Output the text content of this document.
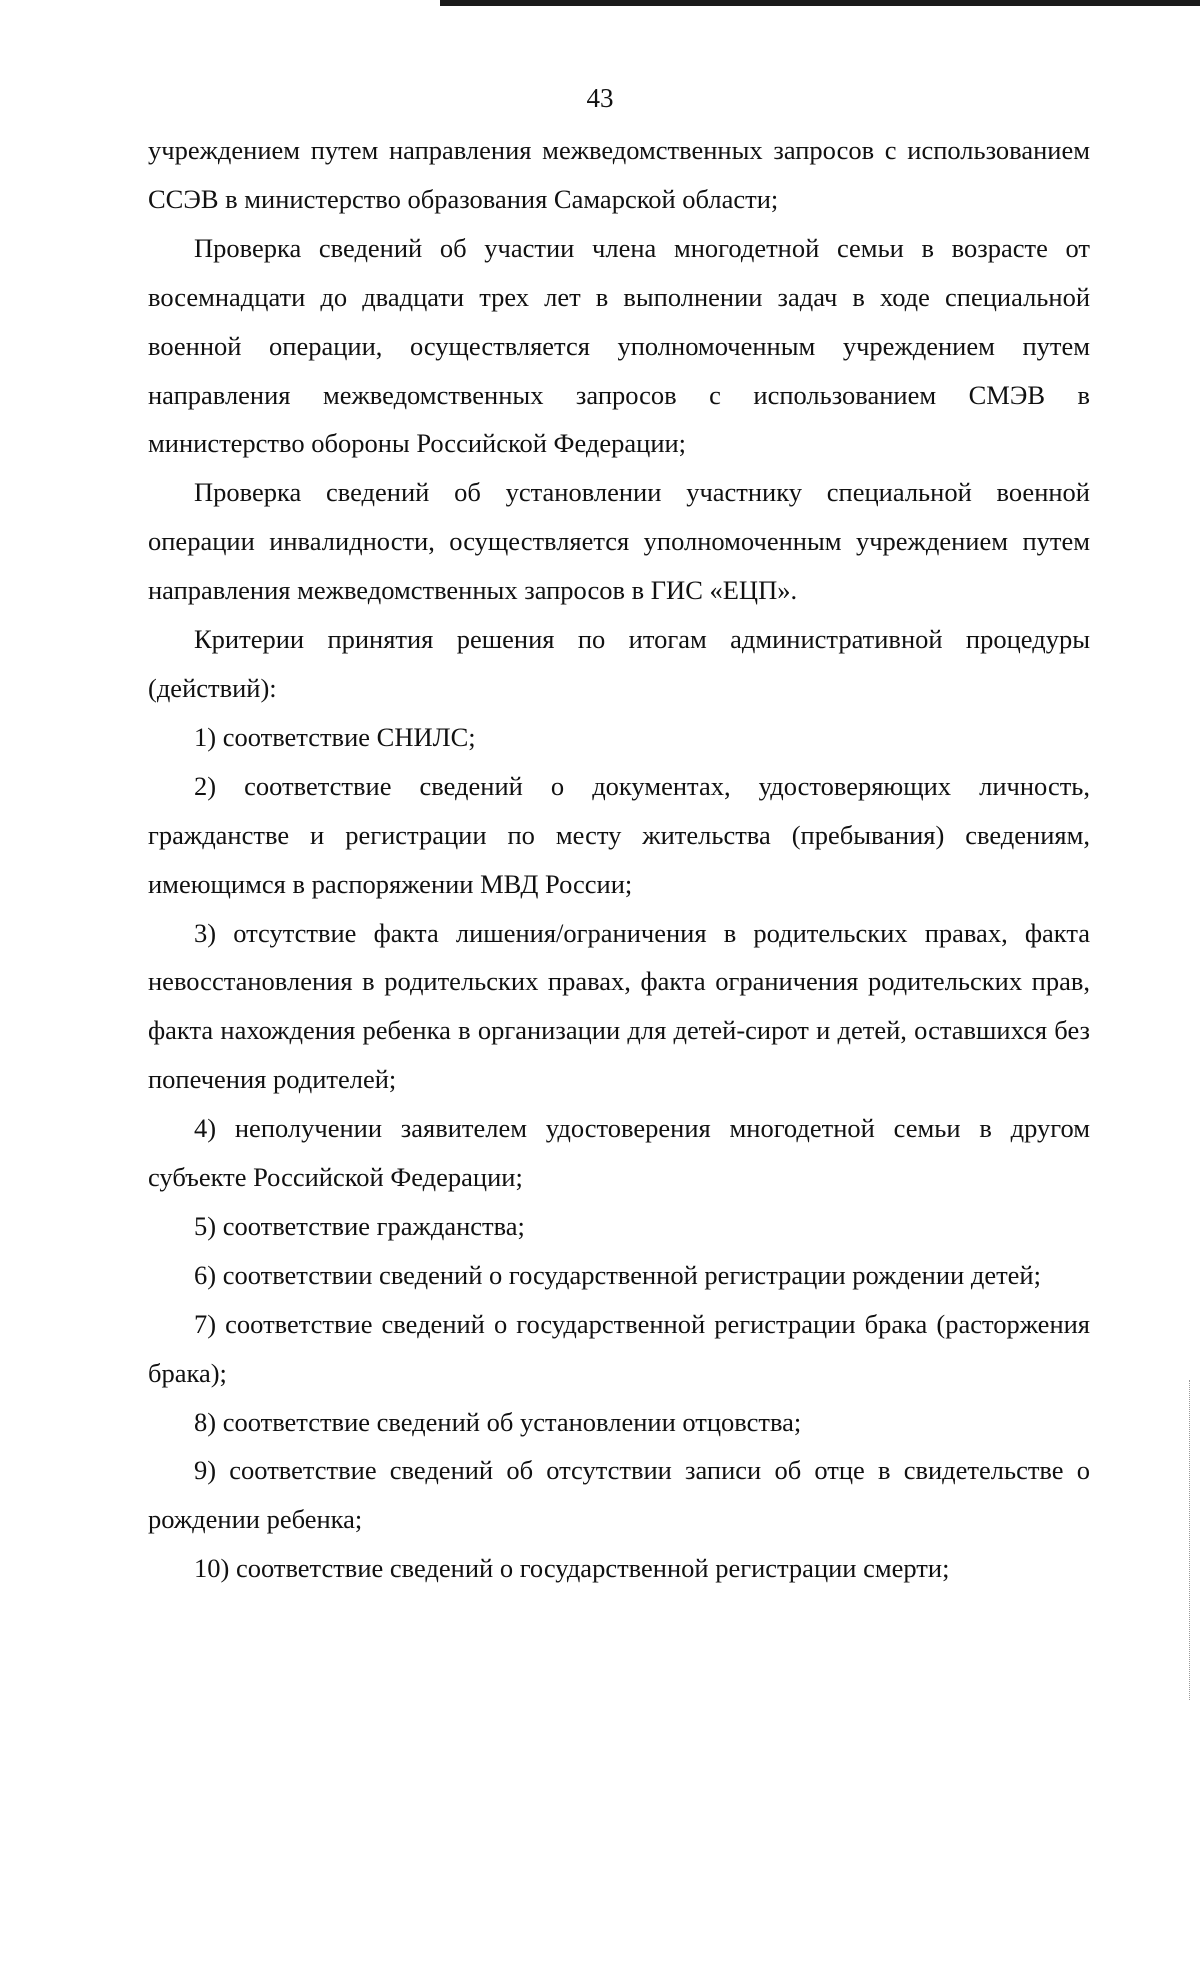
43

учреждением путем направления межведомственных запросов с использованием ССЭВ в министерство образования Самарской области;

Проверка сведений об участии члена многодетной семьи в возрасте от восемнадцати до двадцати трех лет в выполнении задач в ходе специальной военной операции, осуществляется уполномоченным учреждением путем направления межведомственных запросов с использованием СМЭВ в министерство обороны Российской Федерации;

Проверка сведений об установлении участнику специальной военной операции инвалидности, осуществляется уполномоченным учреждением путем направления межведомственных запросов в ГИС «ЕЦП».

Критерии принятия решения по итогам административной процедуры (действий):

1) соответствие СНИЛС;

2) соответствие сведений о документах, удостоверяющих личность, гражданстве и регистрации по месту жительства (пребывания) сведениям, имеющимся в распоряжении МВД России;

3) отсутствие факта лишения/ограничения в родительских правах, факта невосстановления в родительских правах, факта ограничения родительских прав, факта нахождения ребенка в организации для детей-сирот и детей, оставшихся без попечения родителей;

4) неполучении заявителем удостоверения многодетной семьи в другом субъекте Российской Федерации;

5) соответствие гражданства;

6) соответствии сведений о государственной регистрации рождении детей;

7) соответствие сведений о государственной регистрации брака (расторжения брака);

8) соответствие сведений об установлении отцовства;

9) соответствие сведений об отсутствии записи об отце в свидетельстве о рождении ребенка;

10) соответствие сведений о государственной регистрации смерти;
